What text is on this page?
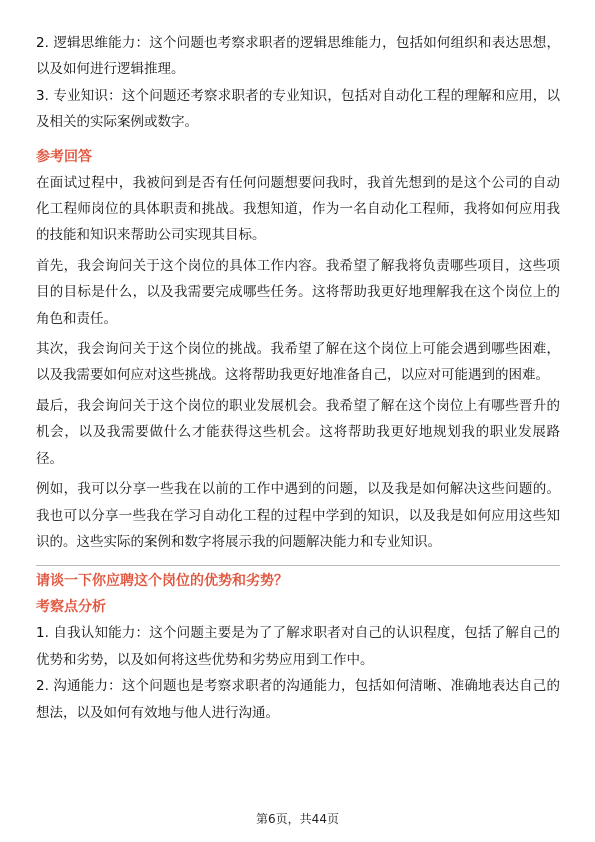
2. 逻辑思维能力：这个问题也考察求职者的逻辑思维能力，包括如何组织和表达思想，以及如何进行逻辑推理。

3. 专业知识：这个问题还考察求职者的专业知识，包括对自动化工程的理解和应用，以及相关的实际案例或数字。

参考回答

在面试过程中，我被问到是否有任何问题想要问我时，我首先想到的是这个公司的自动化工程师岗位的具体职责和挑战。我想知道，作为一名自动化工程师，我将如何应用我的技能和知识来帮助公司实现其目标。

首先，我会询问关于这个岗位的具体工作内容。我希望了解我将负责哪些项目，这些项目的目标是什么，以及我需要完成哪些任务。这将帮助我更好地理解我在这个岗位上的角色和责任。

其次，我会询问关于这个岗位的挑战。我希望了解在这个岗位上可能会遇到哪些困难，以及我需要如何应对这些挑战。这将帮助我更好地准备自己，以应对可能遇到的困难。

最后，我会询问关于这个岗位的职业发展机会。我希望了解在这个岗位上有哪些晋升的机会，以及我需要做什么才能获得这些机会。这将帮助我更好地规划我的职业发展路径。

例如，我可以分享一些我在以前的工作中遇到的问题，以及我是如何解决这些问题的。我也可以分享一些我在学习自动化工程的过程中学到的知识，以及我是如何应用这些知识的。这些实际的案例和数字将展示我的问题解决能力和专业知识。

请谈一下你应聘这个岗位的优势和劣势？
考察点分析

1. 自我认知能力：这个问题主要是为了了解求职者对自己的认识程度，包括了解自己的优势和劣势，以及如何将这些优势和劣势应用到工作中。

2. 沟通能力：这个问题也是考察求职者的沟通能力，包括如何清晰、准确地表达自己的想法，以及如何有效地与他人进行沟通。

第6页，共44页
